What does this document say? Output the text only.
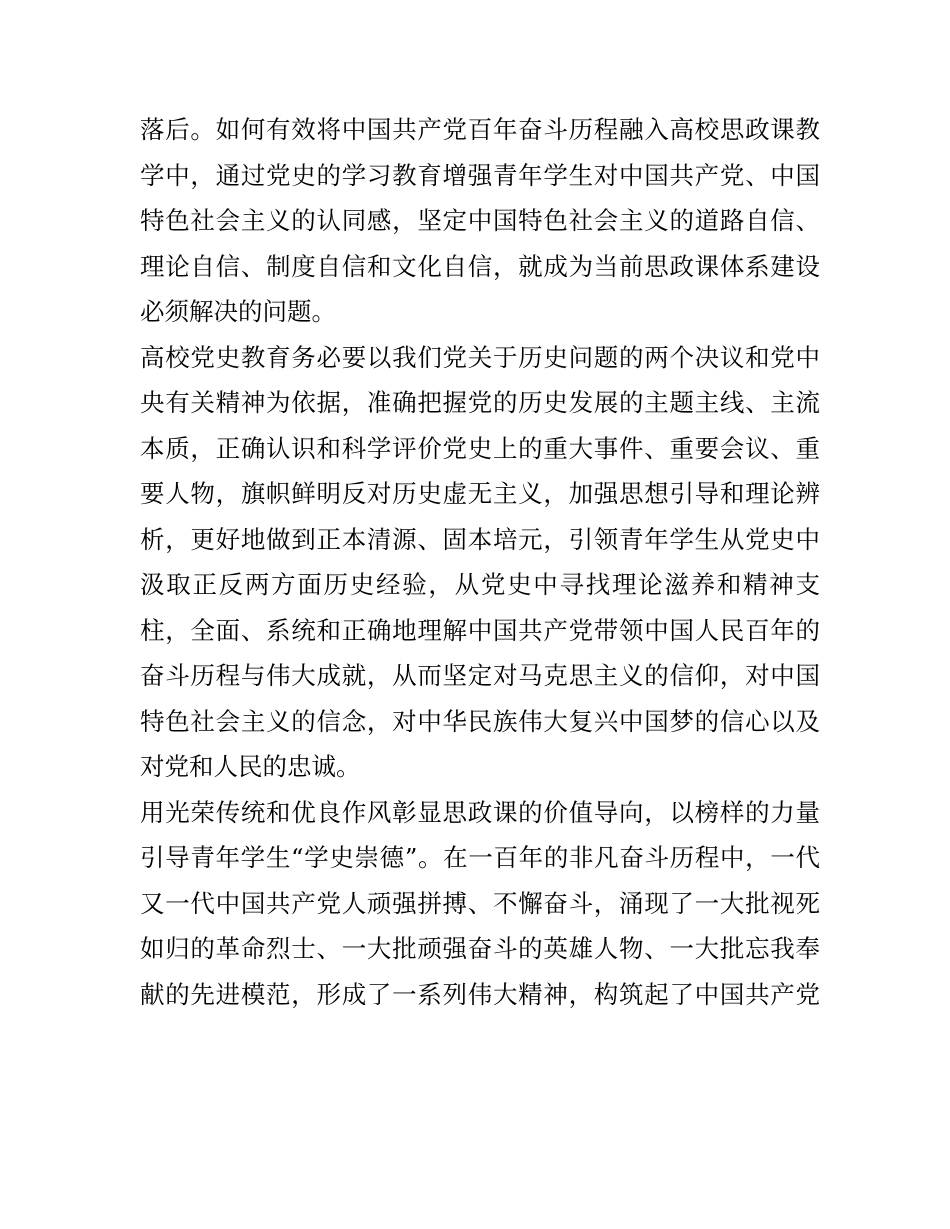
落后。如何有效将中国共产党百年奋斗历程融入高校思政课教
学中，通过党史的学习教育增强青年学生对中国共产党、中国
特色社会主义的认同感，坚定中国特色社会主义的道路自信、
理论自信、制度自信和文化自信，就成为当前思政课体系建设
必须解决的问题。
高校党史教育务必要以我们党关于历史问题的两个决议和党中
央有关精神为依据，准确把握党的历史发展的主题主线、主流
本质，正确认识和科学评价党史上的重大事件、重要会议、重
要人物，旗帜鲜明反对历史虚无主义，加强思想引导和理论辨
析，更好地做到正本清源、固本培元，引领青年学生从党史中
汲取正反两方面历史经验，从党史中寻找理论滋养和精神支
柱，全面、系统和正确地理解中国共产党带领中国人民百年的
奋斗历程与伟大成就，从而坚定对马克思主义的信仰，对中国
特色社会主义的信念，对中华民族伟大复兴中国梦的信心以及
对党和人民的忠诚。
用光荣传统和优良作风彰显思政课的价值导向，以榜样的力量
引导青年学生“学史崇德”。在一百年的非凡奋斗历程中，一代
又一代中国共产党人顽强拼搏、不懈奋斗，涌现了一大批视死
如归的革命烈士、一大批顽强奋斗的英雄人物、一大批忘我奉
献的先进模范，形成了一系列伟大精神，构筑起了中国共产党
